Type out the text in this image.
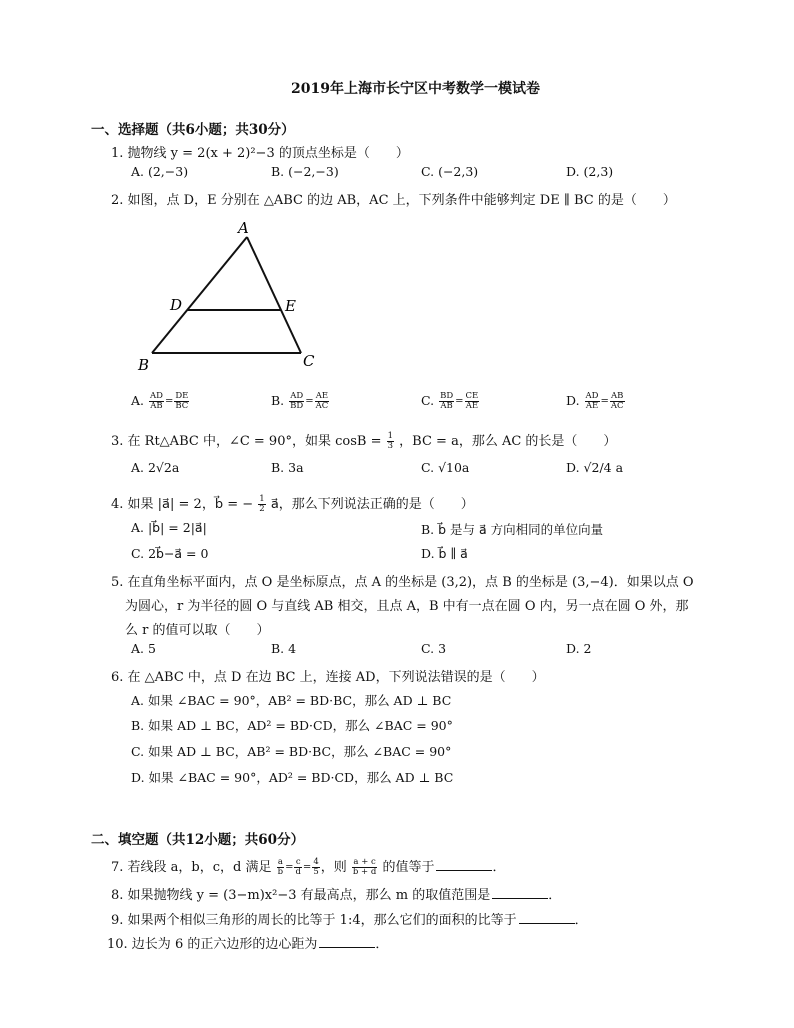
2019年上海市长宁区中考数学一模试卷
一、选择题（共6小题；共30分）
1. 抛物线 y = 2(x + 2)²−3 的顶点坐标是（　　）
A. (2,−3)	B. (−2,−3)	C. (−2,3)	D. (2,3)
2. 如图，点 D，E 分别在 △ABC 的边 AB，AC 上，下列条件中能够判定 DE ∥ BC 的是（　　）
A
D	E
B	C
A. $\frac{AD}{AB} = \frac{DE}{BC}$	B. $\frac{AD}{BD} = \frac{AE}{AC}$	C. $\frac{BD}{AB} = \frac{CE}{AE}$	D. $\frac{AD}{AE} = \frac{AB}{AC}$
3. 在 Rt△ABC 中，∠C = 90°，如果 $\cos B = \frac{1}{3}$ ，BC = a，那么 AC 的长是（　　）
A. 2√2a	B. 3a	C. √10a	D. √2/4 a
4. 如果 |a⃗| = 2，b⃗ = − $\frac{1}{2}$ a⃗，那么下列说法正确的是（　　）
A. |b⃗| = 2|a⃗|	B. b⃗ 是与 a⃗ 方向相同的单位向量
C. 2b⃗−a⃗ = 0	D. b⃗ ∥ a⃗
5. 在直角坐标平面内，点 O 是坐标原点，点 A 的坐标是 (3,2)，点 B 的坐标是 (3,−4)．如果以点 O
为圆心，r 为半径的圆 O 与直线 AB 相交，且点 A，B 中有一点在圆 O 内，另一点在圆 O 外，那
么 r 的值可以取（　　）
A. 5	B. 4	C. 3	D. 2
6. 在 △ABC 中，点 D 在边 BC 上，连接 AD，下列说法错误的是（　　）
A. 如果 ∠BAC = 90°，AB² = BD·BC，那么 AD ⊥ BC
B. 如果 AD ⊥ BC，AD² = BD·CD，那么 ∠BAC = 90°
C. 如果 AD ⊥ BC，AB² = BD·BC，那么 ∠BAC = 90°
D. 如果 ∠BAC = 90°，AD² = BD·CD，那么 AD ⊥ BC
二、填空题（共12小题；共60分）
7. 若线段 a，b，c，d 满足 $\frac{a}{b} = \frac{c}{d} = \frac{4}{5}$ ，则 $\frac{a + c}{b + d}$ 的值等于	．
8. 如果抛物线 y = (3−m)x²−3 有最高点，那么 m 的取值范围是	．
9. 如果两个相似三角形的周长的比等于 1:4，那么它们的面积的比等于	．
10. 边长为 6 的正六边形的边心距为	．
